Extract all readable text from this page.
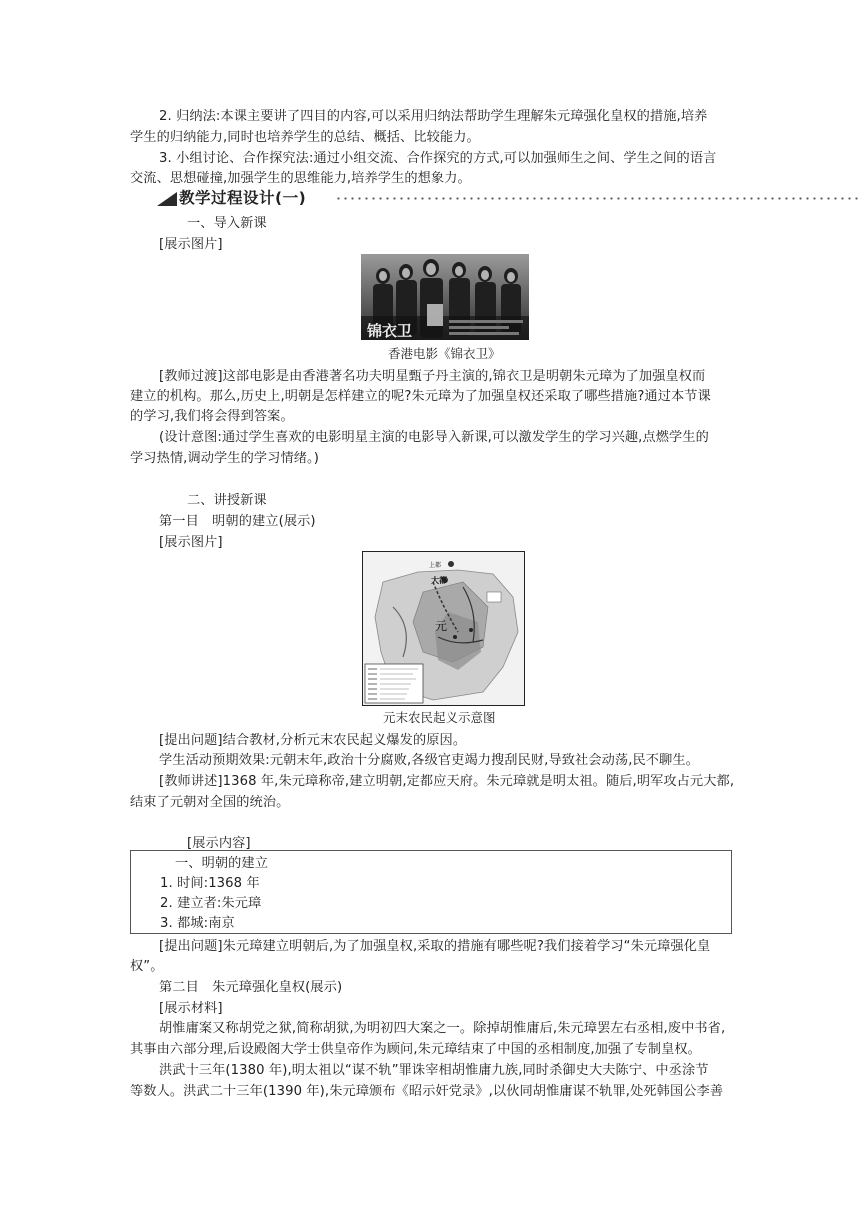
2. 归纳法:本课主要讲了四目的内容,可以采用归纳法帮助学生理解朱元璋强化皇权的措施,培养
学生的归纳能力,同时也培养学生的总结、概括、比较能力。
3. 小组讨论、合作探究法:通过小组交流、合作探究的方式,可以加强师生之间、学生之间的语言
交流、思想碰撞,加强学生的思维能力,培养学生的想象力。
教学过程设计(一)
一、导入新课
[展示图片]
锦衣卫
香港电影《锦衣卫》
[教师过渡]这部电影是由香港著名功夫明星甄子丹主演的,锦衣卫是明朝朱元璋为了加强皇权而
建立的机构。那么,历史上,明朝是怎样建立的呢?朱元璋为了加强皇权还采取了哪些措施?通过本节课
的学习,我们将会得到答案。
(设计意图:通过学生喜欢的电影明星主演的电影导入新课,可以激发学生的学习兴趣,点燃学生的
学习热情,调动学生的学习情绪。)
二、讲授新课
第一目　明朝的建立(展示)
[展示图片]
上都
大都
元
元末农民起义示意图
[提出问题]结合教材,分析元末农民起义爆发的原因。
学生活动预期效果:元朝末年,政治十分腐败,各级官吏竭力搜刮民财,导致社会动荡,民不聊生。
[教师讲述]1368 年,朱元璋称帝,建立明朝,定都应天府。朱元璋就是明太祖。随后,明军攻占元大都,
结束了元朝对全国的统治。
[展示内容]
一、明朝的建立
1. 时间:1368 年
2. 建立者:朱元璋
3. 都城:南京
[提出问题]朱元璋建立明朝后,为了加强皇权,采取的措施有哪些呢?我们接着学习“朱元璋强化皇
权”。
第二目　朱元璋强化皇权(展示)
[展示材料]
胡惟庸案又称胡党之狱,简称胡狱,为明初四大案之一。除掉胡惟庸后,朱元璋罢左右丞相,废中书省,
其事由六部分理,后设殿阁大学士供皇帝作为顾问,朱元璋结束了中国的丞相制度,加强了专制皇权。
洪武十三年(1380 年),明太祖以“谋不轨”罪诛宰相胡惟庸九族,同时杀御史大夫陈宁、中丞涂节
等数人。洪武二十三年(1390 年),朱元璋颁布《昭示奸党录》,以伙同胡惟庸谋不轨罪,处死韩国公李善
